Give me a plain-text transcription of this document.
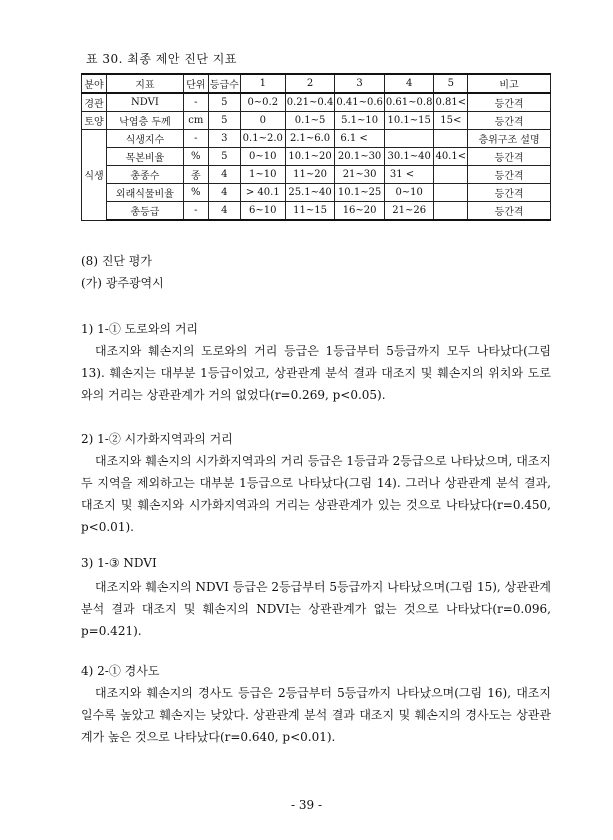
표 30. 최종 제안 진단 지표
분야	지표	단위	등급수	1	2	3	4	5	비고
경관	NDVI	-	5	0~0.2	0.21~0.4	0.41~0.6	0.61~0.8	0.81<	등간격
토양	낙엽층 두께	cm	5	0	0.1~5	5.1~10	10.1~15	15<	등간격
식생	식생지수	-	3	0.1~2.0	2.1~6.0	6.1 <			층위구조 설명
	목본비율	%	5	0~10	10.1~20	20.1~30	30.1~40	40.1<	등간격
	총종수	종	4	1~10	11~20	21~30	31 <		등간격
	외래식물비율	%	4	> 40.1	25.1~40	10.1~25	0~10		등간격
	총등급	-	4	6~10	11~15	16~20	21~26		등간격
(8) 진단 평가
(가) 광주광역시
1) 1-① 도로와의 거리
대조지와 훼손지의 도로와의 거리 등급은 1등급부터 5등급까지 모두 나타났다(그림 13). 훼손지는 대부분 1등급이었고, 상관관계 분석 결과 대조지 및 훼손지의 위치와 도로와의 거리는 상관관계가 거의 없었다(r=0.269, p<0.05).
2) 1-② 시가화지역과의 거리
대조지와 훼손지의 시가화지역과의 거리 등급은 1등급과 2등급으로 나타났으며, 대조지 두 지역을 제외하고는 대부분 1등급으로 나타났다(그림 14). 그러나 상관관계 분석 결과, 대조지 및 훼손지와 시가화지역과의 거리는 상관관계가 있는 것으로 나타났다(r=0.450, p<0.01).
3) 1-③ NDVI
대조지와 훼손지의 NDVI 등급은 2등급부터 5등급까지 나타났으며(그림 15), 상관관계 분석 결과 대조지 및 훼손지의 NDVI는 상관관계가 없는 것으로 나타났다(r=0.096, p=0.421).
4) 2-① 경사도
대조지와 훼손지의 경사도 등급은 2등급부터 5등급까지 나타났으며(그림 16), 대조지일수록 높았고 훼손지는 낮았다. 상관관계 분석 결과 대조지 및 훼손지의 경사도는 상관관계가 높은 것으로 나타났다(r=0.640, p<0.01).
- 39 -
